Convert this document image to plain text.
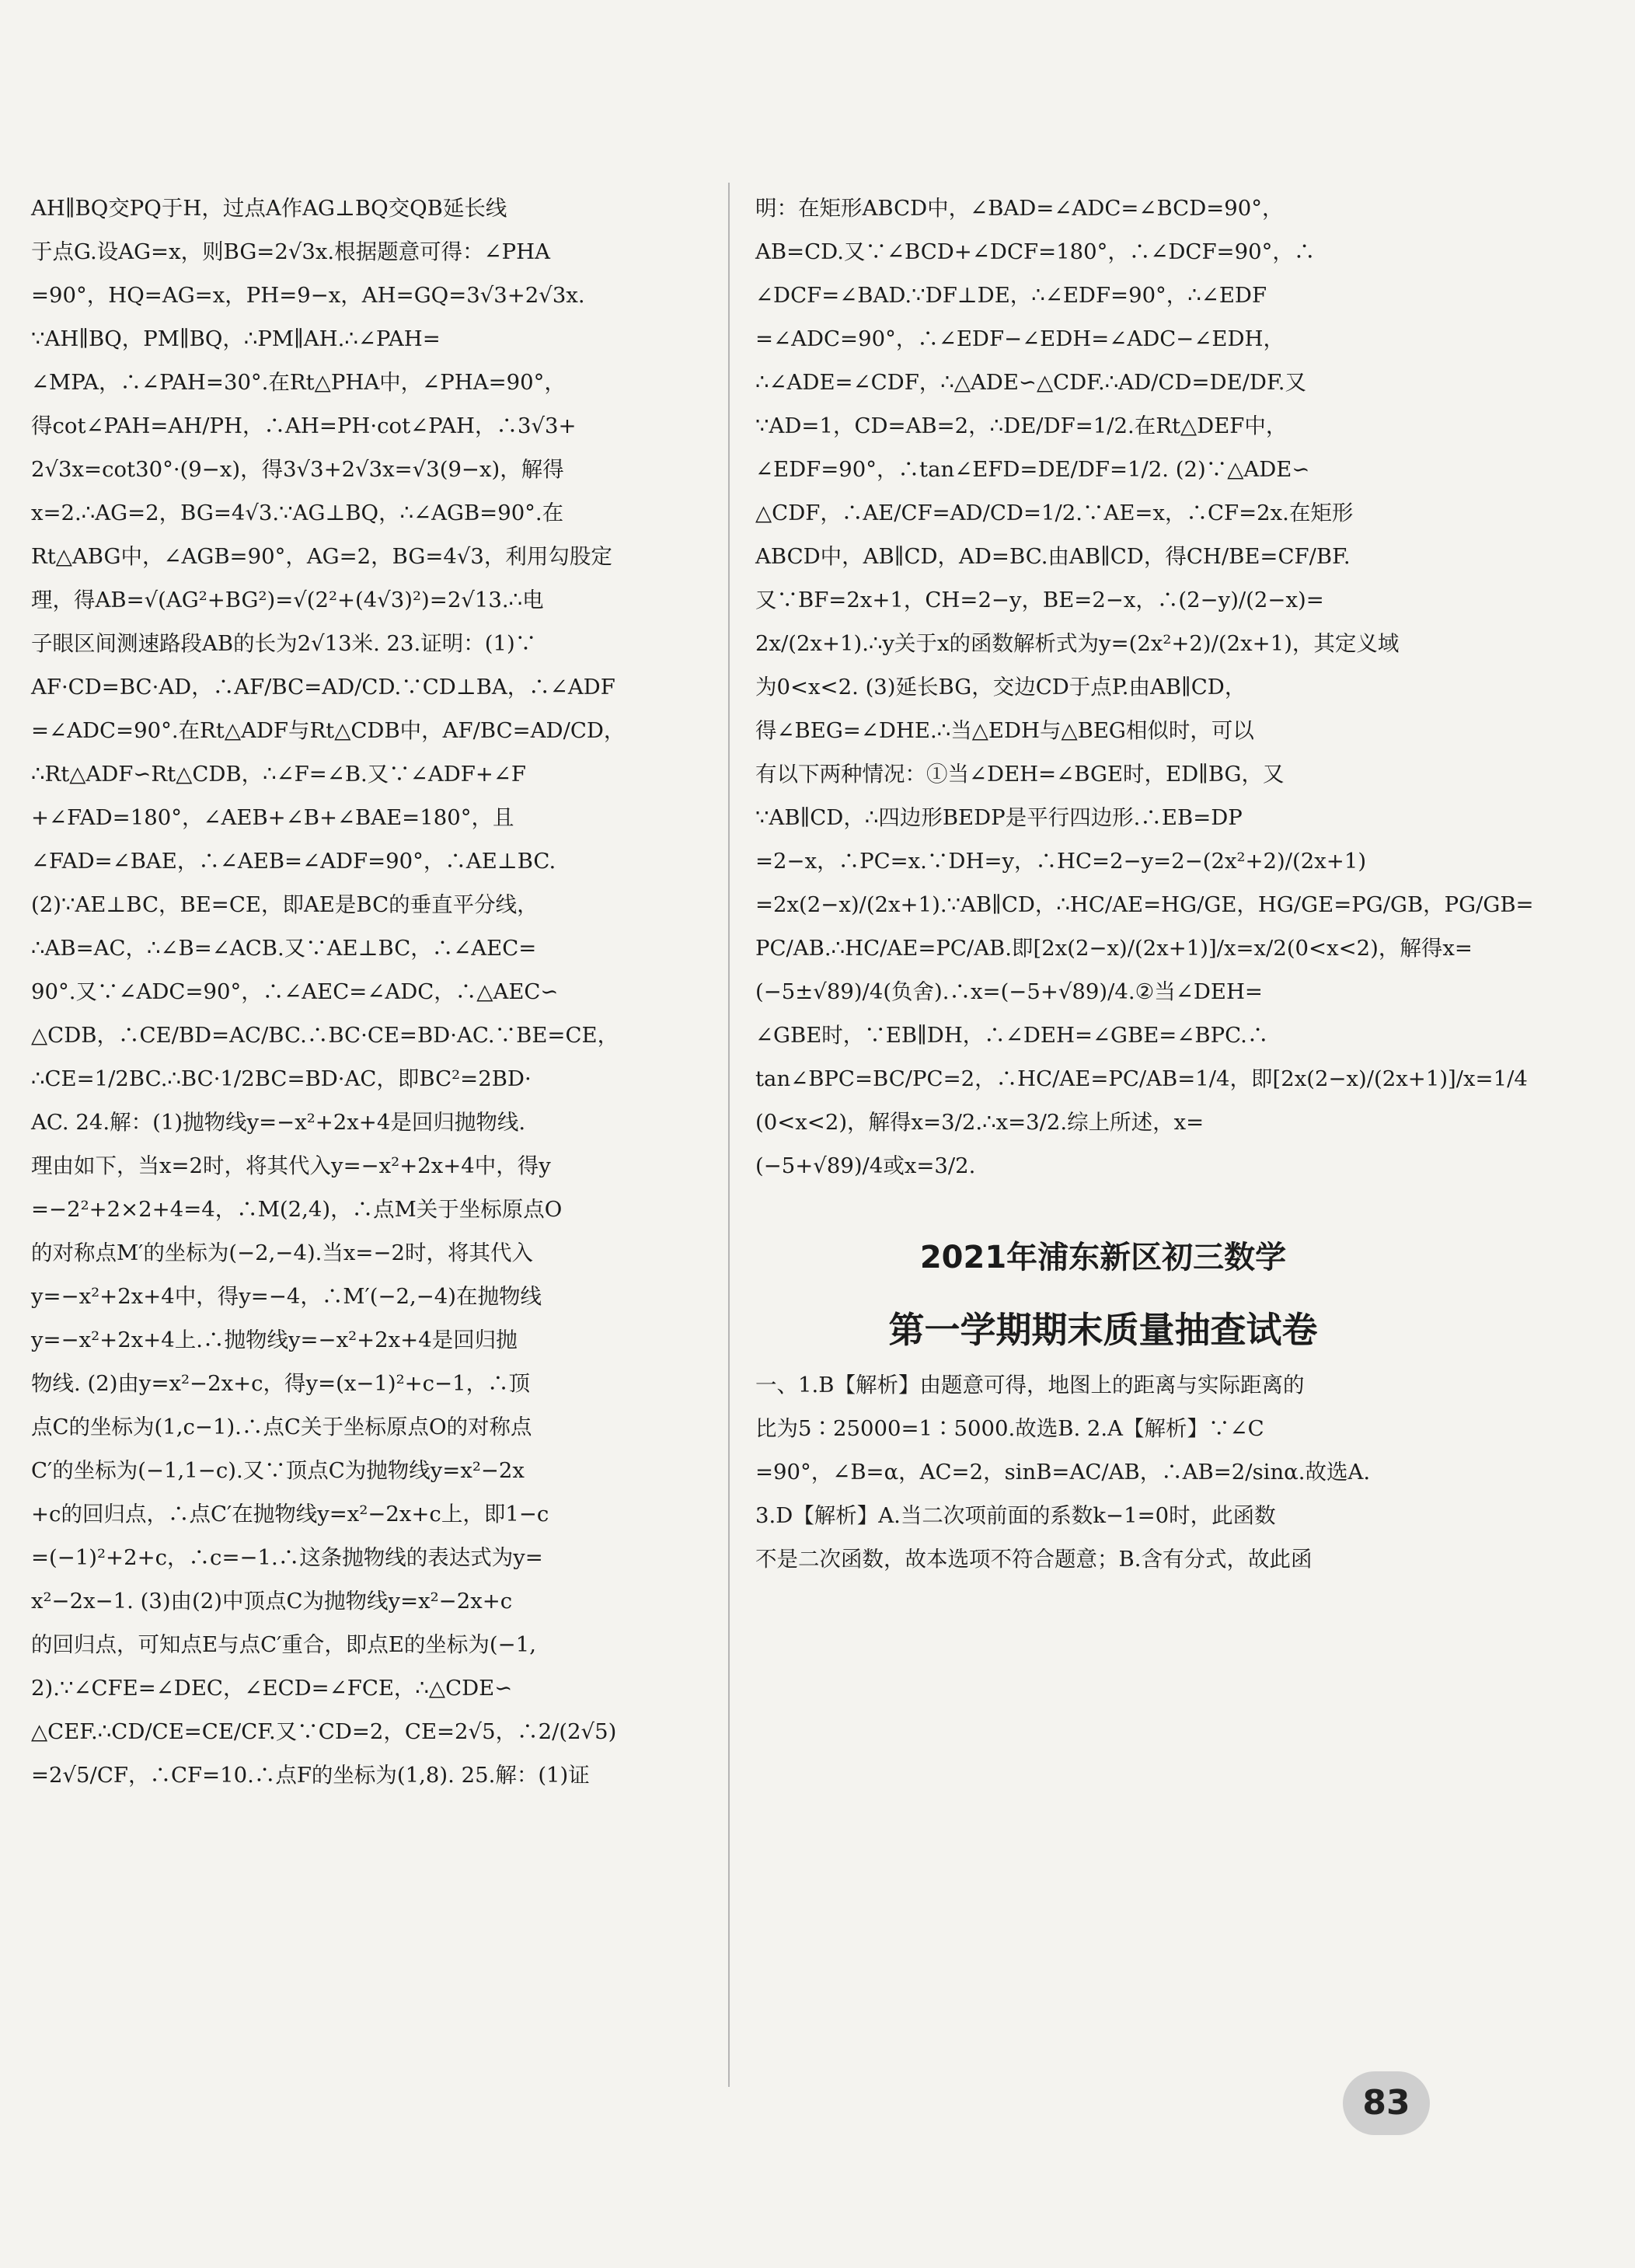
AH∥BQ交PQ于H，过点A作AG⊥BQ交QB延长线
于点G.设AG=x，则BG=2√3x.根据题意可得：∠PHA
=90°，HQ=AG=x，PH=9−x，AH=GQ=3√3+2√3x.
∵AH∥BQ，PM∥BQ，∴PM∥AH.∴∠PAH=
∠MPA，∴∠PAH=30°.在Rt△PHA中，∠PHA=90°，
得cot∠PAH=AH/PH，∴AH=PH·cot∠PAH，∴3√3+
2√3x=cot30°·(9−x)，得3√3+2√3x=√3(9−x)，解得
x=2.∴AG=2，BG=4√3.∵AG⊥BQ，∴∠AGB=90°.在
Rt△ABG中，∠AGB=90°，AG=2，BG=4√3，利用勾股定
理，得AB=√(AG²+BG²)=√(2²+(4√3)²)=2√13.∴电
子眼区间测速路段AB的长为2√13米. 23.证明：(1)∵
AF·CD=BC·AD，∴AF/BC=AD/CD.∵CD⊥BA，∴∠ADF
=∠ADC=90°.在Rt△ADF与Rt△CDB中，AF/BC=AD/CD，
∴Rt△ADF∽Rt△CDB，∴∠F=∠B.又∵∠ADF+∠F
+∠FAD=180°，∠AEB+∠B+∠BAE=180°，且
∠FAD=∠BAE，∴∠AEB=∠ADF=90°，∴AE⊥BC.
(2)∵AE⊥BC，BE=CE，即AE是BC的垂直平分线，
∴AB=AC，∴∠B=∠ACB.又∵AE⊥BC，∴∠AEC=
90°.又∵∠ADC=90°，∴∠AEC=∠ADC，∴△AEC∽
△CDB，∴CE/BD=AC/BC.∴BC·CE=BD·AC.∵BE=CE，
∴CE=1/2BC.∴BC·1/2BC=BD·AC，即BC²=2BD·
AC. 24.解：(1)抛物线y=−x²+2x+4是回归抛物线.
理由如下，当x=2时，将其代入y=−x²+2x+4中，得y
=−2²+2×2+4=4，∴M(2,4)，∴点M关于坐标原点O
的对称点M′的坐标为(−2,−4).当x=−2时，将其代入
y=−x²+2x+4中，得y=−4，∴M′(−2,−4)在抛物线
y=−x²+2x+4上.∴抛物线y=−x²+2x+4是回归抛
物线. (2)由y=x²−2x+c，得y=(x−1)²+c−1，∴顶
点C的坐标为(1,c−1).∴点C关于坐标原点O的对称点
C′的坐标为(−1,1−c).又∵顶点C为抛物线y=x²−2x
+c的回归点，∴点C′在抛物线y=x²−2x+c上，即1−c
=(−1)²+2+c，∴c=−1.∴这条抛物线的表达式为y=
x²−2x−1. (3)由(2)中顶点C为抛物线y=x²−2x+c
的回归点，可知点E与点C′重合，即点E的坐标为(−1,
2).∵∠CFE=∠DEC，∠ECD=∠FCE，∴△CDE∽
△CEF.∴CD/CE=CE/CF.又∵CD=2，CE=2√5，∴2/(2√5)
=2√5/CF，∴CF=10.∴点F的坐标为(1,8). 25.解：(1)证
明：在矩形ABCD中，∠BAD=∠ADC=∠BCD=90°，
AB=CD.又∵∠BCD+∠DCF=180°，∴∠DCF=90°，∴
∠DCF=∠BAD.∵DF⊥DE，∴∠EDF=90°，∴∠EDF
=∠ADC=90°，∴∠EDF−∠EDH=∠ADC−∠EDH，
∴∠ADE=∠CDF，∴△ADE∽△CDF.∴AD/CD=DE/DF.又
∵AD=1，CD=AB=2，∴DE/DF=1/2.在Rt△DEF中，
∠EDF=90°，∴tan∠EFD=DE/DF=1/2. (2)∵△ADE∽
△CDF，∴AE/CF=AD/CD=1/2.∵AE=x，∴CF=2x.在矩形
ABCD中，AB∥CD，AD=BC.由AB∥CD，得CH/BE=CF/BF.
又∵BF=2x+1，CH=2−y，BE=2−x，∴(2−y)/(2−x)=
2x/(2x+1).∴y关于x的函数解析式为y=(2x²+2)/(2x+1)，其定义域
为0<x<2. (3)延长BG，交边CD于点P.由AB∥CD，
得∠BEG=∠DHE.∴当△EDH与△BEG相似时，可以
有以下两种情况：①当∠DEH=∠BGE时，ED∥BG，又
∵AB∥CD，∴四边形BEDP是平行四边形.∴EB=DP
=2−x，∴PC=x.∵DH=y，∴HC=2−y=2−(2x²+2)/(2x+1)
=2x(2−x)/(2x+1).∵AB∥CD，∴HC/AE=HG/GE，HG/GE=PG/GB，PG/GB=
PC/AB.∴HC/AE=PC/AB.即[2x(2−x)/(2x+1)]/x=x/2(0<x<2)，解得x=
(−5±√89)/4(负舍).∴x=(−5+√89)/4.②当∠DEH=
∠GBE时，∵EB∥DH，∴∠DEH=∠GBE=∠BPC.∴
tan∠BPC=BC/PC=2，∴HC/AE=PC/AB=1/4，即[2x(2−x)/(2x+1)]/x=1/4
(0<x<2)，解得x=3/2.∴x=3/2.综上所述，x=
(−5+√89)/4或x=3/2.
2021年浦东新区初三数学
第一学期期末质量抽查试卷
一、1.B【解析】由题意可得，地图上的距离与实际距离的
比为5∶25000=1∶5000.故选B. 2.A【解析】∵∠C
=90°，∠B=α，AC=2，sinB=AC/AB，∴AB=2/sinα.故选A.
3.D【解析】A.当二次项前面的系数k−1=0时，此函数
不是二次函数，故本选项不符合题意；B.含有分式，故此函
83
